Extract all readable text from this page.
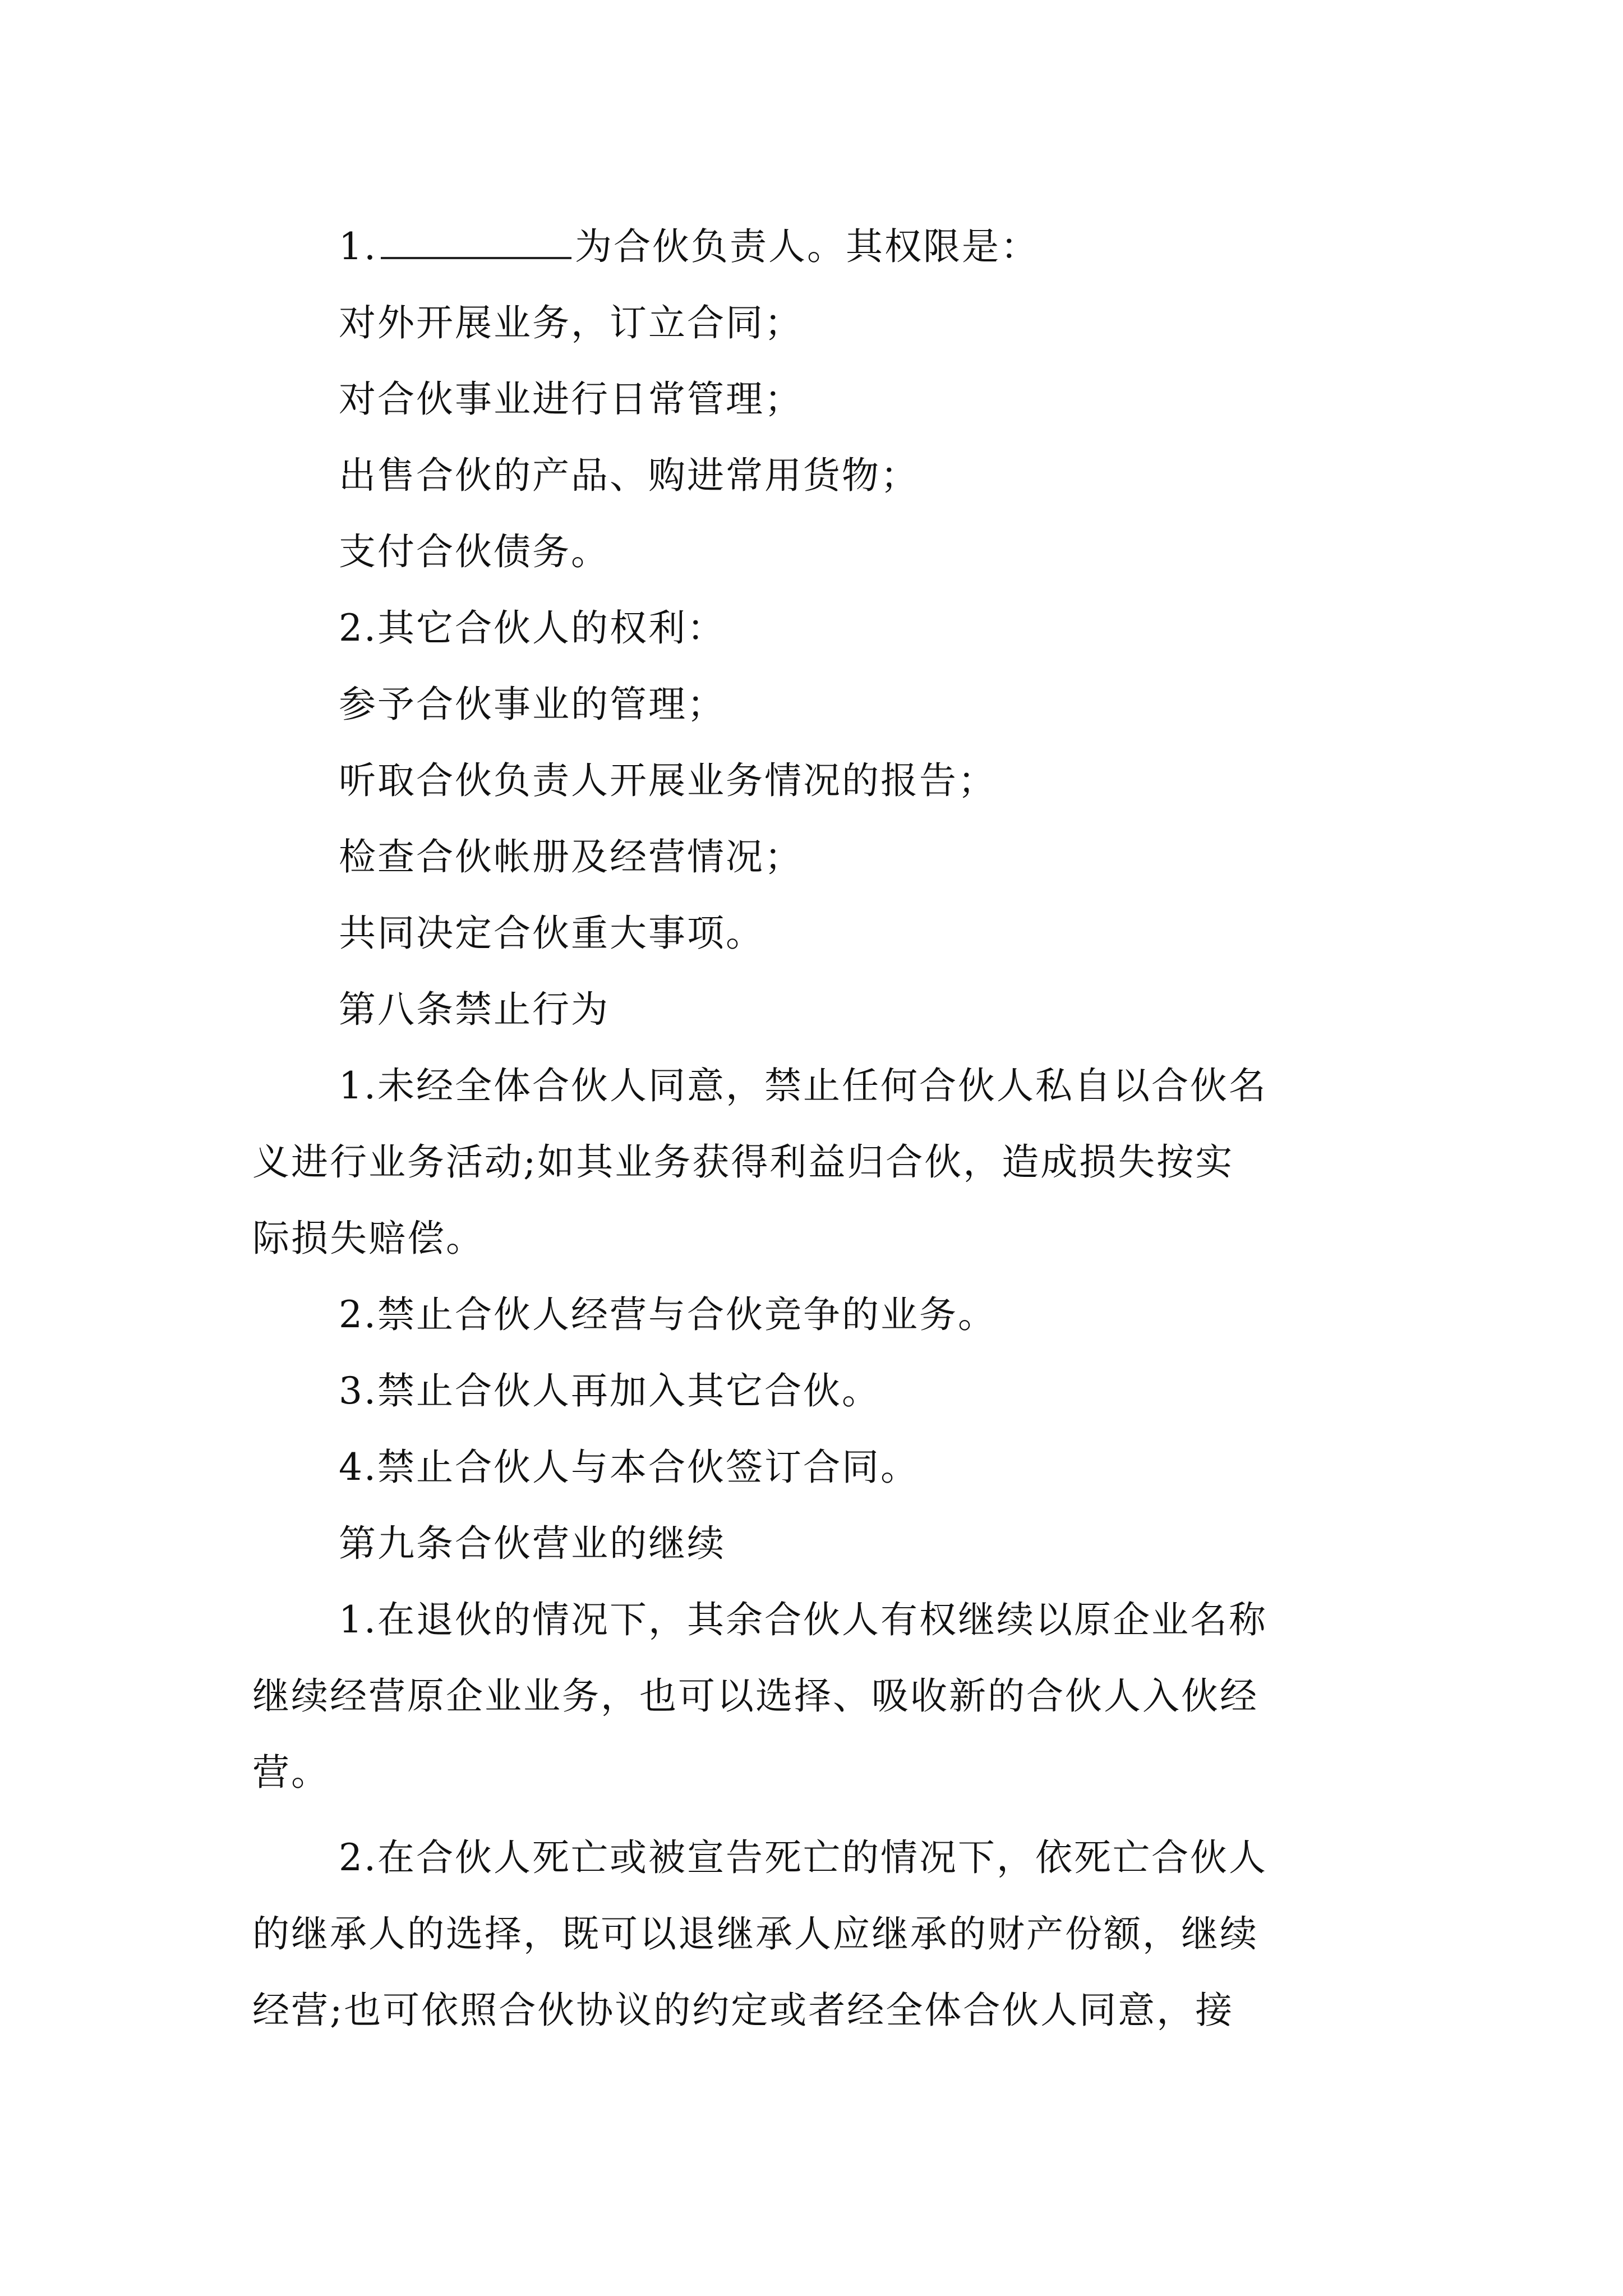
1.	为合伙负责人。其权限是：
对外开展业务，订立合同；
对合伙事业进行日常管理；
出售合伙的产品、购进常用货物；
支付合伙债务。
2.其它合伙人的权利：
参予合伙事业的管理；
听取合伙负责人开展业务情况的报告；
检查合伙帐册及经营情况；
共同决定合伙重大事项。
第八条禁止行为
1.未经全体合伙人同意，禁止任何合伙人私自以合伙名
义进行业务活动;如其业务获得利益归合伙，造成损失按实
际损失赔偿。
2.禁止合伙人经营与合伙竞争的业务。
3.禁止合伙人再加入其它合伙。
4.禁止合伙人与本合伙签订合同。
第九条合伙营业的继续
1.在退伙的情况下，其余合伙人有权继续以原企业名称
继续经营原企业业务，也可以选择、吸收新的合伙人入伙经
营。
2.在合伙人死亡或被宣告死亡的情况下，依死亡合伙人
的继承人的选择，既可以退继承人应继承的财产份额，继续
经营;也可依照合伙协议的约定或者经全体合伙人同意，接
